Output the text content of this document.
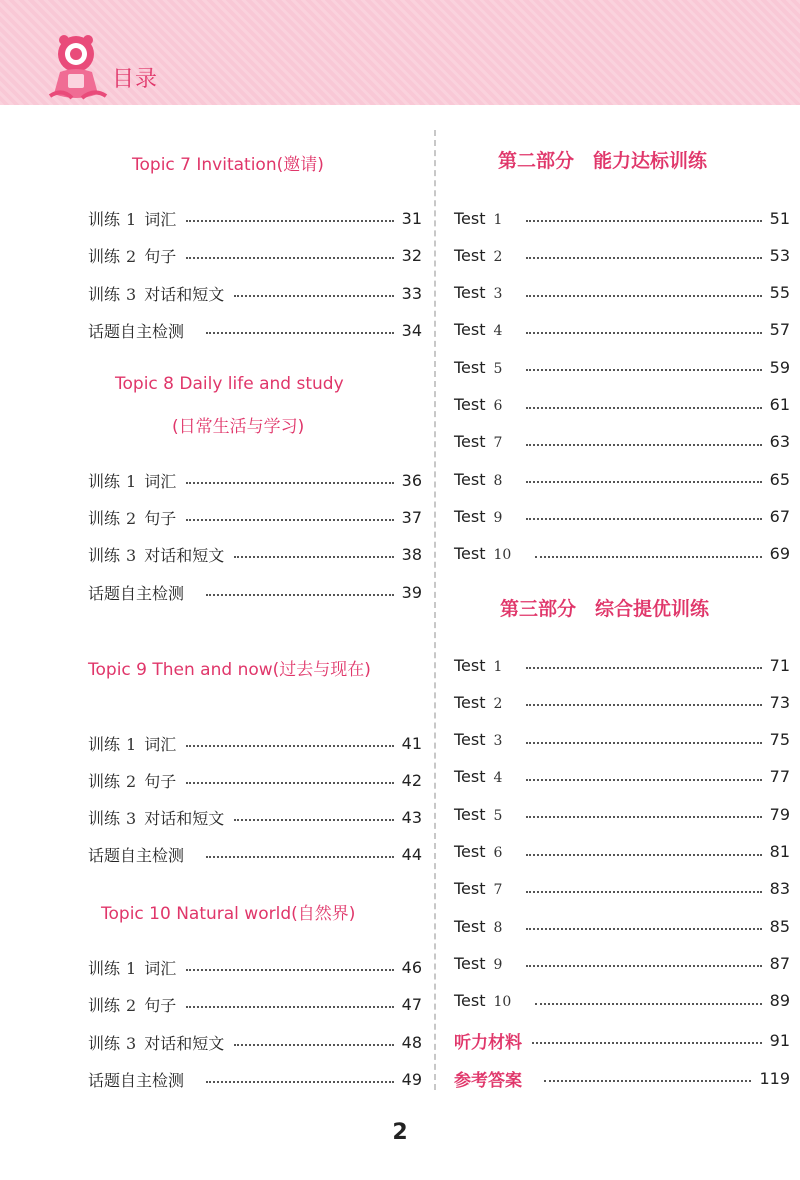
目录
Topic 7 Invitation(邀请)
训练 1 词汇	31
训练 2 句子	32
训练 3 对话和短文	33
话题自主检测	34
Topic 8 Daily life and study
(日常生活与学习)
训练 1 词汇	36
训练 2 句子	37
训练 3 对话和短文	38
话题自主检测	39
Topic 9 Then and now(过去与现在)
训练 1 词汇	41
训练 2 句子	42
训练 3 对话和短文	43
话题自主检测	44
Topic 10 Natural world(自然界)
训练 1 词汇	46
训练 2 句子	47
训练 3 对话和短文	48
话题自主检测	49
第二部分　能力达标训练
Test 1	51
Test 2	53
Test 3	55
Test 4	57
Test 5	59
Test 6	61
Test 7	63
Test 8	65
Test 9	67
Test 10	69
第三部分　综合提优训练
Test 1	71
Test 2	73
Test 3	75
Test 4	77
Test 5	79
Test 6	81
Test 7	83
Test 8	85
Test 9	87
Test 10	89
听力材料	91
参考答案	119
2
